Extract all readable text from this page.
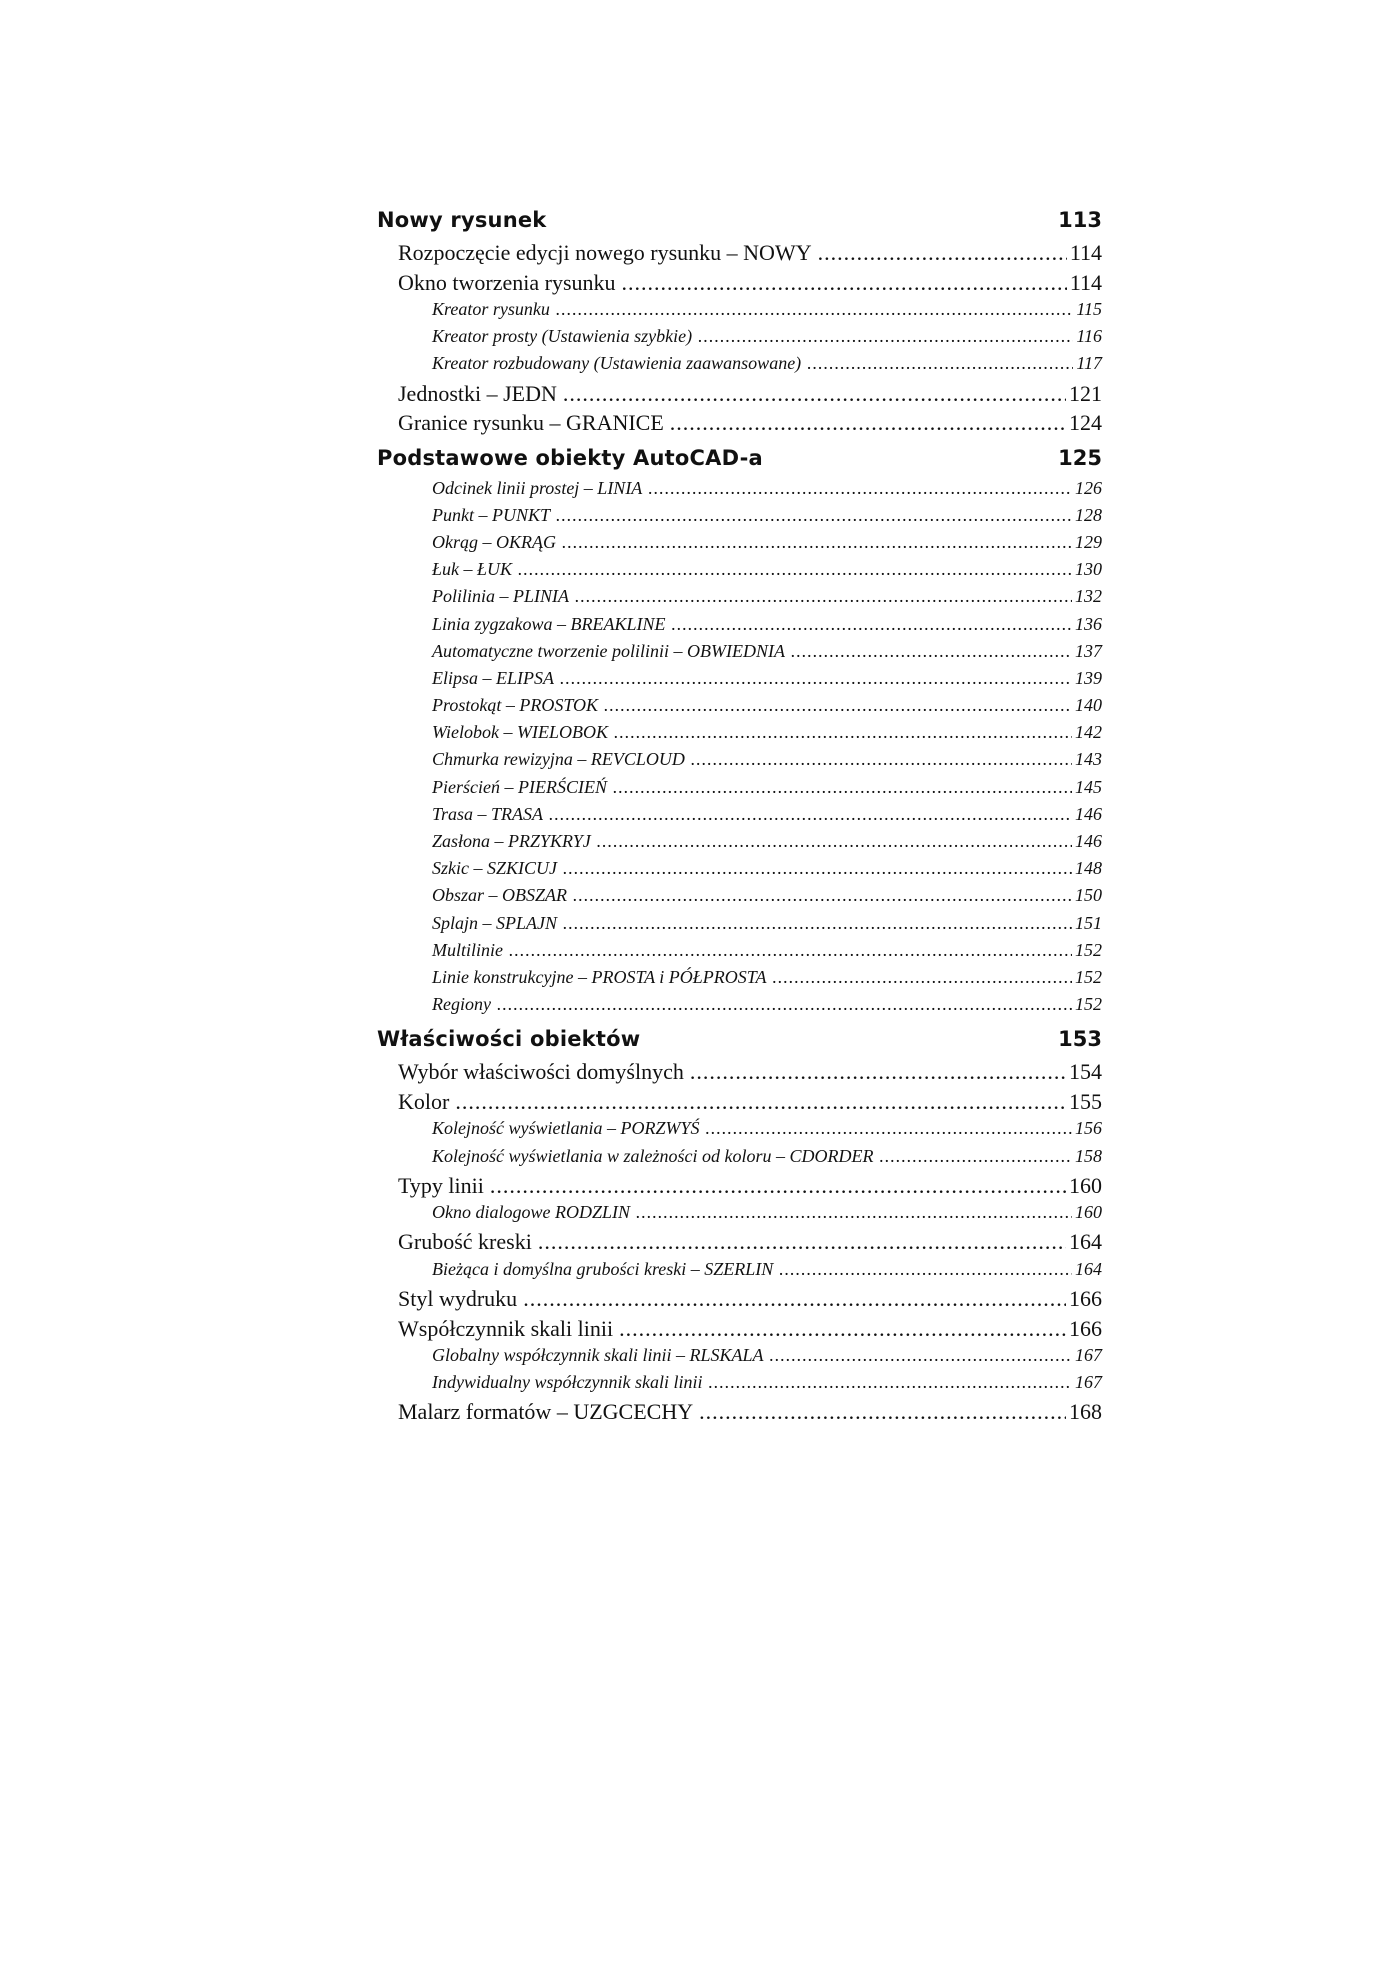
Nowy rysunek	113
Rozpoczęcie edycji nowego rysunku – NOWY .....	114
Okno tworzenia rysunku .....	114
Kreator rysunku .....	115
Kreator prosty (Ustawienia szybkie) .....	116
Kreator rozbudowany (Ustawienia zaawansowane) .....	117
Jednostki – JEDN .....	121
Granice rysunku – GRANICE .....	124
Podstawowe obiekty AutoCAD-a	125
Odcinek linii prostej – LINIA .....	126
Punkt – PUNKT .....	128
Okrąg – OKRĄG .....	129
Łuk – ŁUK .....	130
Polilinia – PLINIA .....	132
Linia zygzakowa – BREAKLINE .....	136
Automatyczne tworzenie polilinii – OBWIEDNIA .....	137
Elipsa – ELIPSA .....	139
Prostokąt – PROSTOK .....	140
Wielobok – WIELOBOK .....	142
Chmurka rewizyjna – REVCLOUD .....	143
Pierścień – PIERŚCIEŃ .....	145
Trasa – TRASA .....	146
Zasłona – PRZYKRYJ .....	146
Szkic – SZKICUJ .....	148
Obszar – OBSZAR .....	150
Splajn – SPLAJN .....	151
Multilinie .....	152
Linie konstrukcyjne – PROSTA i PÓŁPROSTA .....	152
Regiony .....	152
Właściwości obiektów	153
Wybór właściwości domyślnych .....	154
Kolor .....	155
Kolejność wyświetlania – PORZWYŚ .....	156
Kolejność wyświetlania w zależności od koloru – CDORDER .....	158
Typy linii .....	160
Okno dialogowe RODZLIN .....	160
Grubość kreski .....	164
Bieżąca i domyślna grubości kreski – SZERLIN .....	164
Styl wydruku .....	166
Współczynnik skali linii .....	166
Globalny współczynnik skali linii – RLSKALA .....	167
Indywidualny współczynnik skali linii .....	167
Malarz formatów – UZGCECHY .....	168
